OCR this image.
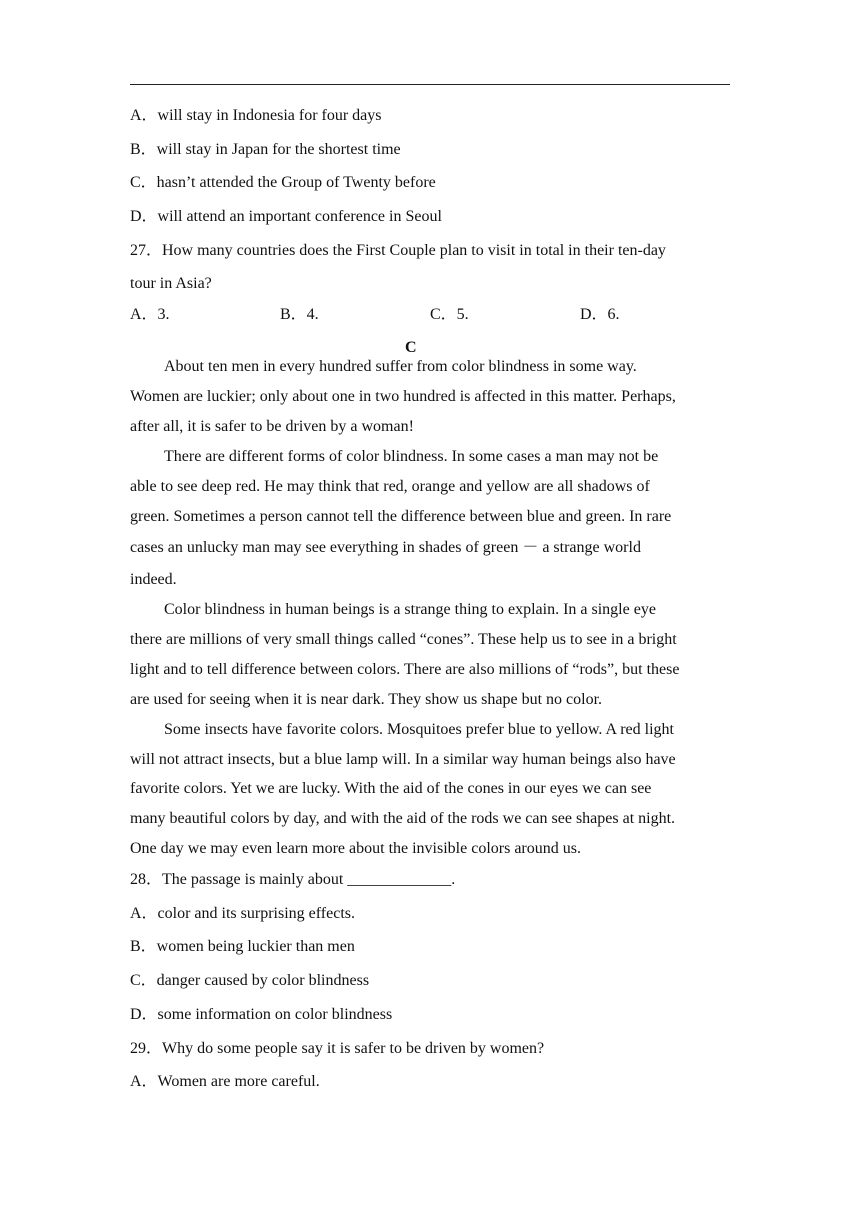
A．will stay in Indonesia for four days
B．will stay in Japan for the shortest time
C．hasn’t attended the Group of Twenty before
D．will attend an important conference in Seoul
27．How many countries does the First Couple plan to visit in total in their ten-day
tour in Asia?
A．3.	B．4.	C．5.	D．6.
C
About ten men in every hundred suffer from color blindness in some way.
Women are luckier; only about one in two hundred is affected in this matter. Perhaps,
after all, it is safer to be driven by a woman!
There are different forms of color blindness. In some cases a man may not be
able to see deep red. He may think that red, orange and yellow are all shadows of
green. Sometimes a person cannot tell the difference between blue and green. In rare
cases an unlucky man may see everything in shades of green － a strange world
indeed.
Color blindness in human beings is a strange thing to explain. In a single eye
there are millions of very small things called “cones”. These help us to see in a bright
light and to tell difference between colors. There are also millions of “rods”, but these
are used for seeing when it is near dark. They show us shape but no color.
Some insects have favorite colors. Mosquitoes prefer blue to yellow. A red light
will not attract insects, but a blue lamp will. In a similar way human beings also have
favorite colors. Yet we are lucky. With the aid of the cones in our eyes we can see
many beautiful colors by day, and with the aid of the rods we can see shapes at night.
One day we may even learn more about the invisible colors around us.
28．The passage is mainly about _____________.
A．color and its surprising effects.
B．women being luckier than men
C．danger caused by color blindness
D．some information on color blindness
29．Why do some people say it is safer to be driven by women?
A．Women are more careful.
